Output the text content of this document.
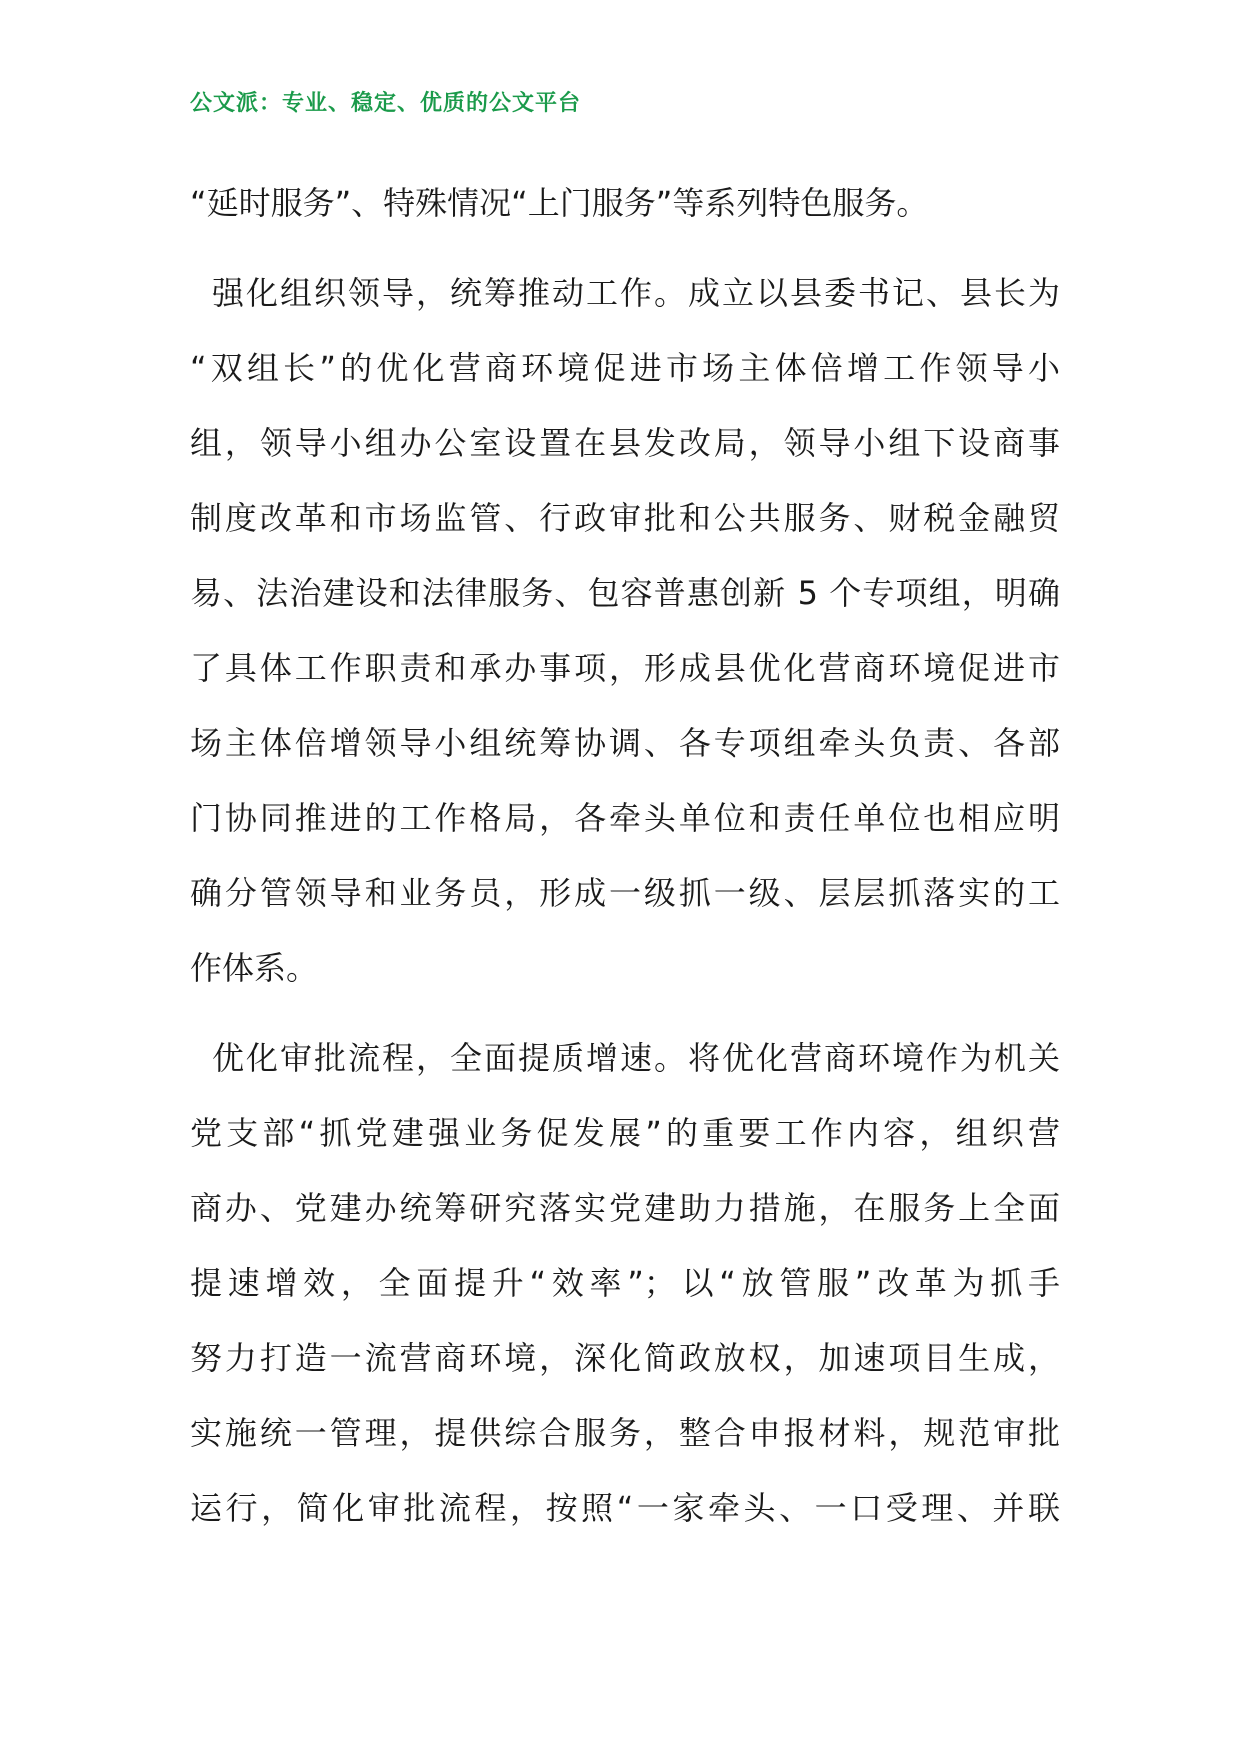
公文派：专业、稳定、优质的公文平台
“延时服务”、特殊情况“上门服务”等系列特色服务。
强化组织领导，统筹推动工作。成立以县委书记、县长为
“双组长”的优化营商环境促进市场主体倍增工作领导小
组，领导小组办公室设置在县发改局，领导小组下设商事
制度改革和市场监管、行政审批和公共服务、财税金融贸
易、法治建设和法律服务、包容普惠创新 5 个专项组，明确
了具体工作职责和承办事项，形成县优化营商环境促进市
场主体倍增领导小组统筹协调、各专项组牵头负责、各部
门协同推进的工作格局，各牵头单位和责任单位也相应明
确分管领导和业务员，形成一级抓一级、层层抓落实的工
作体系。
优化审批流程，全面提质增速。将优化营商环境作为机关
党支部“抓党建强业务促发展”的重要工作内容，组织营
商办、党建办统筹研究落实党建助力措施，在服务上全面
提速增效，全面提升“效率”；以“放管服”改革为抓手
努力打造一流营商环境，深化简政放权，加速项目生成，
实施统一管理，提供综合服务，整合申报材料，规范审批
运行，简化审批流程，按照“一家牵头、一口受理、并联
